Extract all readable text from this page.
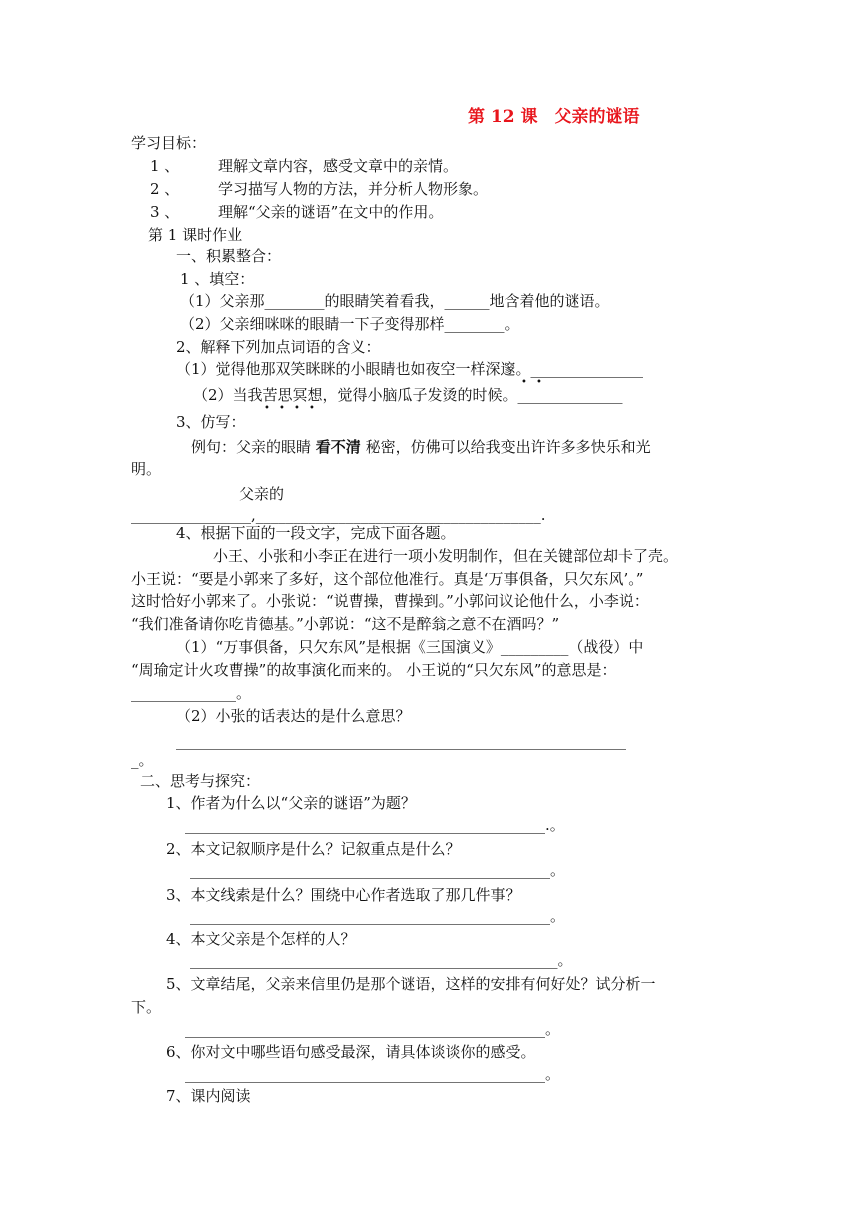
第 12 课　父亲的谜语
学习目标：
1 、	理解文章内容，感受文章中的亲情。
2 、	学习描写人物的方法，并分析人物形象。
3 、	理解“父亲的谜语”在文中的作用。
第 1 课时作业
一、积累整合：
1 、填空：
（1）父亲那________的眼睛笑着看我，______地含着他的谜语。
（2）父亲细咪咪的眼睛一下子变得那样________。
2、解释下列加点词语的含义：
（1）觉得他那双笑眯眯的小眼睛也如夜空一样深邃。_______________
• •
（2）当我苦思冥想，觉得小脑瓜子发烫的时候。______________
• • • •
3、仿写：
例句：父亲的眼睛 看不清 秘密，仿佛可以给我变出许许多多快乐和光
明。
父亲的
________________,______________________________________.
4、根据下面的一段文字，完成下面各题。
小王、小张和小李正在进行一项小发明制作，但在关键部位却卡了壳。
小王说：“要是小郭来了多好，这个部位他准行。真是‘万事俱备，只欠东风’。”
这时恰好小郭来了。小张说：“说曹操，曹操到。”小郭问议论他什么，小李说：
“我们准备请你吃肯德基。”小郭说：“这不是醉翁之意不在酒吗？”
（1）“万事俱备，只欠东风”是根据《三国演义》_________（战役）中
“周瑜定计火攻曹操”的故事演化而来的。 小王说的“只欠东风”的意思是：
______________。
（2）小张的话表达的是什么意思？
____________________________________________________________
_。
二、思考与探究：
1、作者为什么以“父亲的谜语”为题？
________________________________________________.。
2、本文记叙顺序是什么？记叙重点是什么？
________________________________________________。
3、本文线索是什么？围绕中心作者选取了那几件事？
________________________________________________。
4、本文父亲是个怎样的人？
_________________________________________________。
5、文章结尾，父亲来信里仍是那个谜语，这样的安排有何好处？试分析一
下。
________________________________________________。
6、你对文中哪些语句感受最深，请具体谈谈你的感受。
________________________________________________。
7、课内阅读
